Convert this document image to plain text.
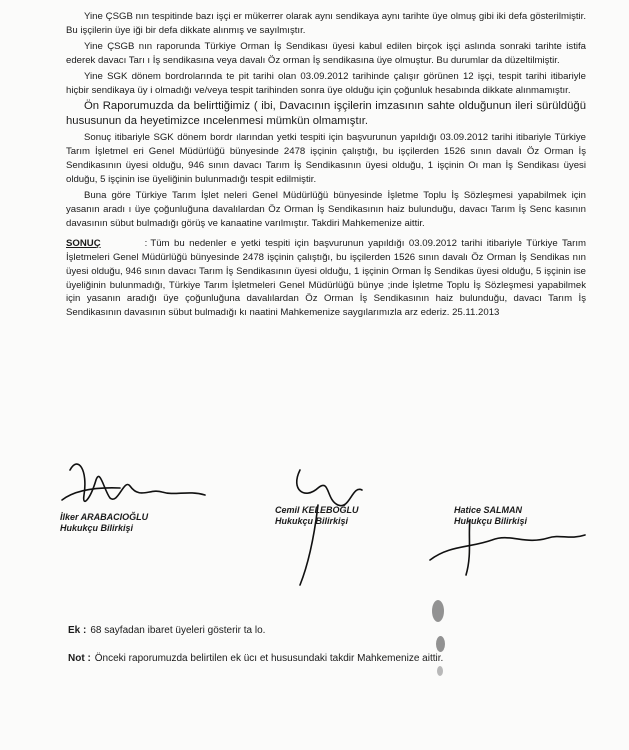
Yine ÇSGB nın tespitinde bazı işçi er mükerrer olarak aynı sendikaya aynı tarihte üye olmuş gibi iki defa gösterilmiştir. Bu işçilerin üye iği bir defa dikkate alınmış ve sayılmıştır.

Yine ÇSGB nın raporunda Türkiye Orman İş Sendikası üyesi kabul edilen birçok işçi aslında sonraki tarihte istifa ederek davacı Tarı ı İş sendikasına veya davalı Öz orman İş sendikasına üye olmuştur. Bu durumlar da düzeltilmiştir.

Yine SGK dönem bordrolarında te pit tarihi olan 03.09.2012 tarihinde çalışır görünen 12 işçi, tespit tarihi itibariyle hiçbir sendikaya üy i olmadığı ve/veya tespit tarihinden sonra üye olduğu için çoğunluk hesabında dikkate alınmamıştır.

Ön Raporumuzda da belirttiğimiz ( ibi, Davacının işçilerin imzasının sahte olduğunun ileri sürüldüğü hususunun da heyetimizce ıncelenmesi mümkün olmamıştır.

Sonuç itibariyle SGK dönem bordr ılarından yetki tespiti için başvurunun yapıldığı 03.09.2012 tarihi itibariyle Türkiye Tarım İşletmel eri Genel Müdürlüğü bünyesinde 2478 işçinin çalıştığı, bu işçilerden 1526 sının davalı Öz Orman İş Sendikasının üyesi olduğu, 946 sının davacı Tarım İş Sendikasının üyesi olduğu, 1 işçinin Oı man İş Sendikası üyesi olduğu, 5 işçinin ise üyeliğinin bulunmadığı tespit edilmiştir.

Buna göre Türkiye Tarım İşlet neleri Genel Müdürlüğü bünyesinde İşletme Toplu İş Sözleşmesi yapabilmek için yasanın aradı ı üye çoğunluğuna davalılardan Öz Orman İş Sendikasının haiz bulunduğu, davacı Tarım İş Senc kasının davasının sübut bulmadığı görüş ve kanaatine varılmıştır. Takdiri Mahkemenize aittir.

SONUÇ	: Tüm bu nedenler e yetki tespiti için başvurunun yapıldığı 03.09.2012 tarihi itibariyle Türkiye Tarım İşletmeleri Genel Müdürlüğü bünyesinde 2478 işçinin çalıştığı, bu işçilerden 1526 sının davalı Öz Orman İş Sendikas nın üyesi olduğu, 946 sının davacı Tarım İş Sendikasının üyesi olduğu, 1 işçinin Orman İş Sendikas üyesi olduğu, 5 işçinin ise üyeliğinin bulunmadığı, Türkiye Tarım İşletmeleri Genel Müdürlüğü bünye ;inde İşletme Toplu İş Sözleşmesi yapabilmek için yasanın aradığı üye çoğunluğuna davalılardan Öz Orman İş Sendikasının haiz bulunduğu, davacı Tarım İş Sendikasının davasının sübut bulmadığı kı naatini Mahkemenize saygılarımızla arz ederiz. 25.11.2013

İlker ARABACIOĞLU
Hukukçu Bilirkişi
Cemil KELEBOĞLU
Hukukçu Bilirkişi
Hatice SALMAN
Hukukçu Bilirkişi
Ek : 68 sayfadan ibaret üyeleri gösterir ta lo.
Not : Önceki raporumuzda belirtilen ek ücı et hususundaki takdir Mahkemenize aittir.
